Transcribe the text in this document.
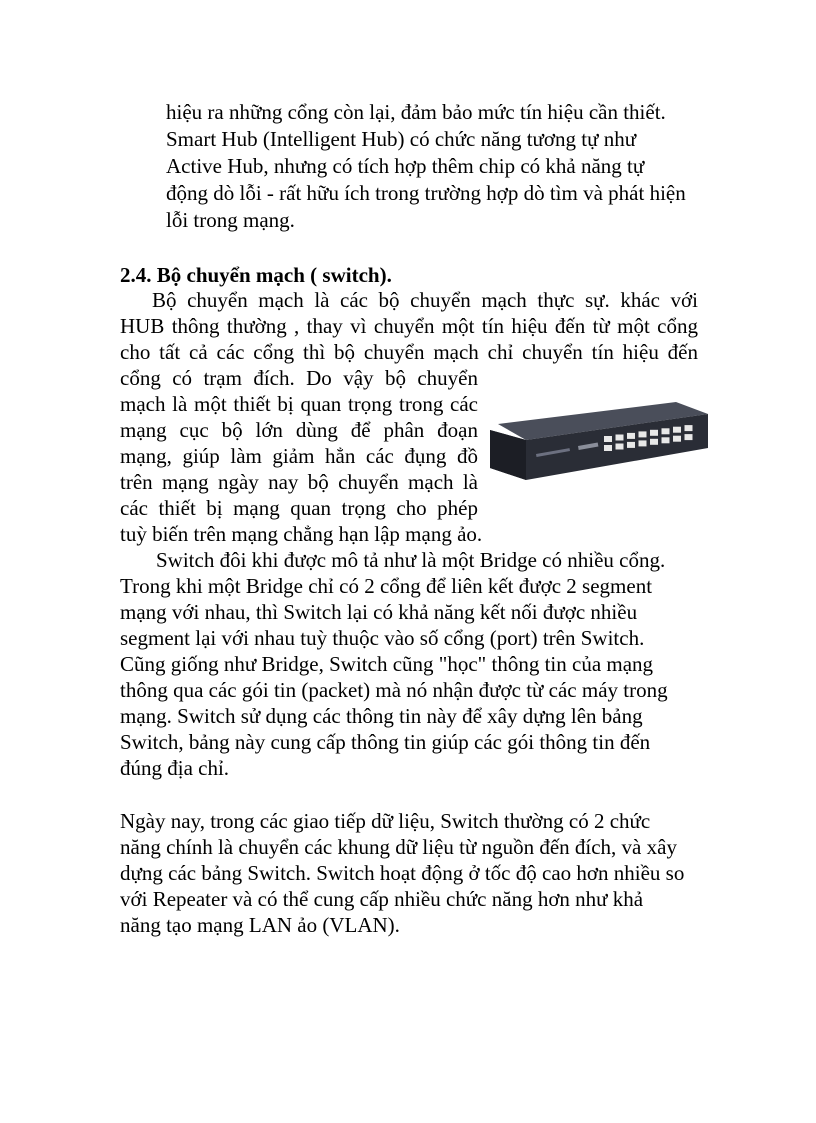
hiệu ra những cổng còn lại, đảm bảo mức tín hiệu cần thiết.
Smart Hub (Intelligent Hub) có chức năng tương tự như
Active Hub, nhưng có tích hợp thêm chip có khả năng tự
động dò lỗi - rất hữu ích trong trường hợp dò tìm và phát hiện
lỗi trong mạng.
2.4. Bộ chuyển mạch ( switch).
Bộ chuyển mạch là các bộ chuyển mạch thực sự. khác với
HUB thông thường , thay vì chuyển một tín hiệu đến từ một cổng
cho tất cả các cổng thì bộ chuyển mạch chỉ chuyển tín hiệu đến
cổng có trạm đích. Do vậy bộ chuyển
mạch là một thiết bị quan trọng trong các
mạng cục bộ lớn dùng để phân đoạn
mạng, giúp làm giảm hẳn các đụng đồ
trên mạng ngày nay bộ chuyển mạch là
các thiết bị mạng quan trọng cho phép
tuỳ biến trên mạng chẳng hạn lập mạng ảo.
Switch đôi khi được mô tả như là một Bridge có nhiều cổng.
Trong khi một Bridge chỉ có 2 cổng để liên kết được 2 segment
mạng với nhau, thì Switch lại có khả năng kết nối được nhiều
segment lại với nhau tuỳ thuộc vào số cổng (port) trên Switch.
Cũng giống như Bridge, Switch cũng "học" thông tin của mạng
thông qua các gói tin (packet) mà nó nhận được từ các máy trong
mạng. Switch sử dụng các thông tin này để xây dựng lên bảng
Switch, bảng này cung cấp thông tin giúp các gói thông tin đến
đúng địa chỉ.
Ngày nay, trong các giao tiếp dữ liệu, Switch thường có 2 chức
năng chính là chuyển các khung dữ liệu từ nguồn đến đích, và xây
dựng các bảng Switch. Switch hoạt động ở tốc độ cao hơn nhiều so
với Repeater và có thể cung cấp nhiều chức năng hơn như khả
năng tạo mạng LAN ảo (VLAN).
